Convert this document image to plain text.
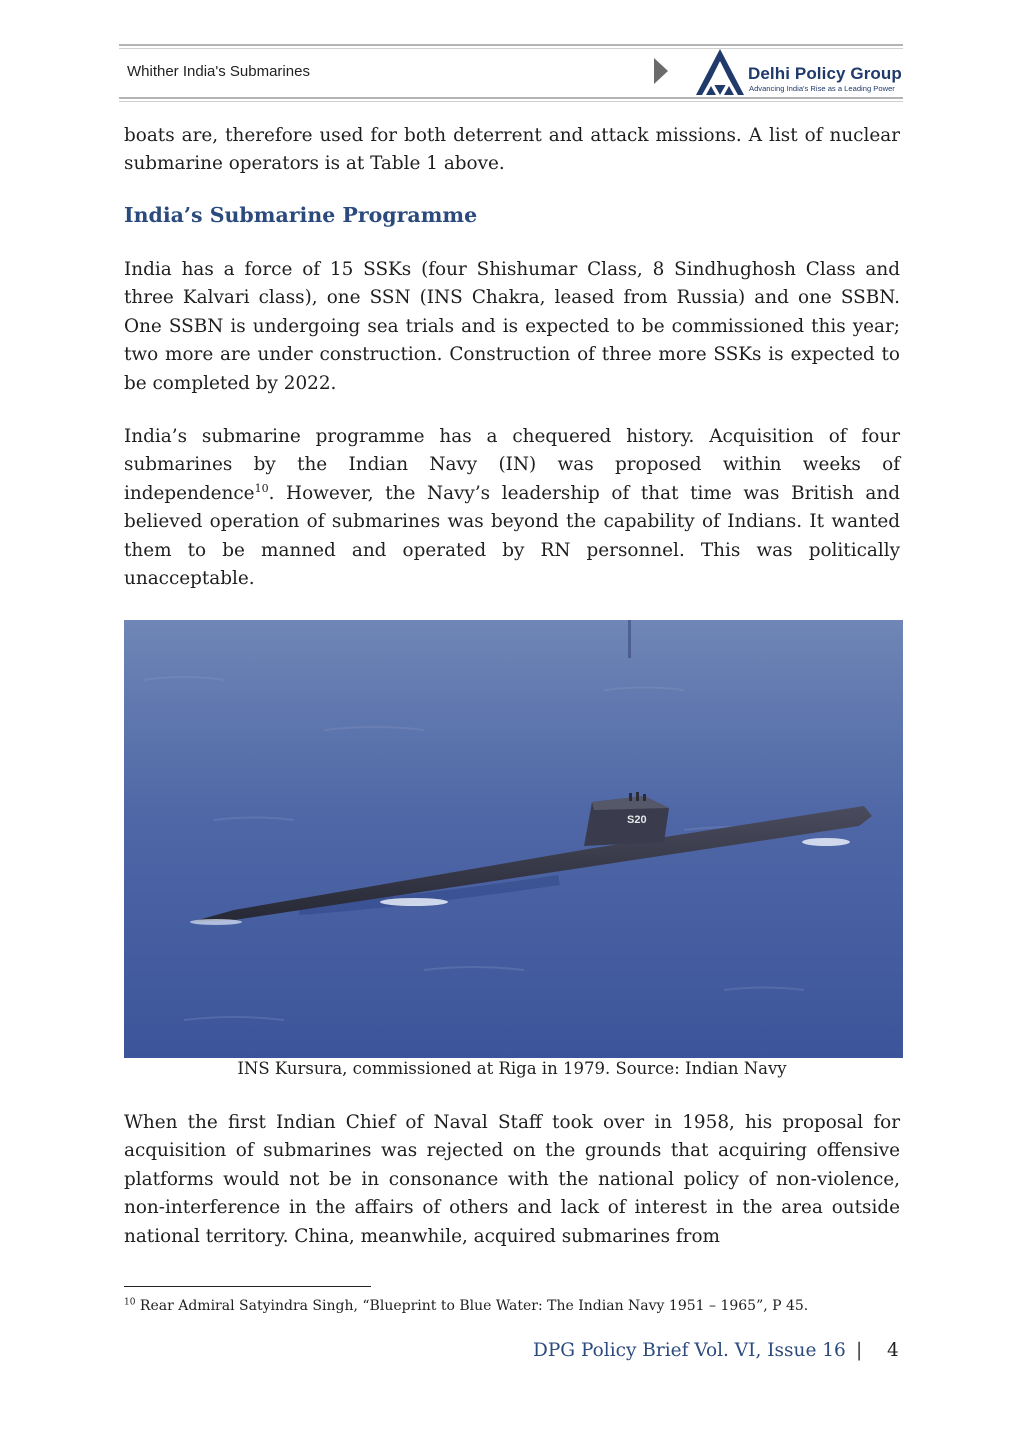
Whither India's Submarines	Delhi Policy Group
Advancing India's Rise as a Leading Power

boats are, therefore used for both deterrent and attack missions. A list of nuclear submarine operators is at Table 1 above.

India’s Submarine Programme

India has a force of 15 SSKs (four Shishumar Class, 8 Sindhughosh Class and three Kalvari class), one SSN (INS Chakra, leased from Russia) and one SSBN. One SSBN is undergoing sea trials and is expected to be commissioned this year; two more are under construction. Construction of three more SSKs is expected to be completed by 2022.

India’s submarine programme has a chequered history. Acquisition of four submarines by the Indian Navy (IN) was proposed within weeks of independence$^{10}$. However, the Navy’s leadership of that time was British and believed operation of submarines was beyond the capability of Indians. It wanted them to be manned and operated by RN personnel. This was politically unacceptable.

S20
INS Kursura, commissioned at Riga in 1979. Source: Indian Navy

When the first Indian Chief of Naval Staff took over in 1958, his proposal for acquisition of submarines was rejected on the grounds that acquiring offensive platforms would not be in consonance with the national policy of non-violence, non-interference in the affairs of others and lack of interest in the area outside national territory. China, meanwhile, acquired submarines from

$^{10}$ Rear Admiral Satyindra Singh, “Blueprint to Blue Water: The Indian Navy 1951 – 1965”, P 45.
DPG Policy Brief Vol. VI, Issue 16 | 4
